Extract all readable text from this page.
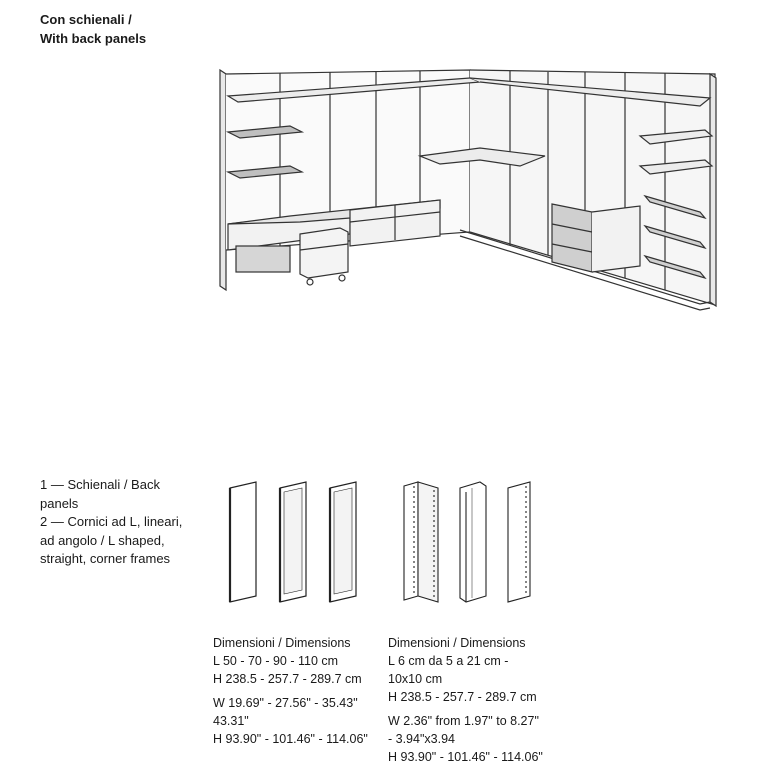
Con schienali /
With back panels
1 — Schienali / Back
panels
2 — Cornici ad L, lineari,
ad angolo / L shaped,
straight, corner frames
Dimensioni / Dimensions
L 50 - 70 - 90 - 110 cm
H 238.5 - 257.7 - 289.7 cm
W 19.69" - 27.56" - 35.43"
43.31"
H 93.90" - 101.46" - 114.06"
Dimensioni / Dimensions
L 6 cm da 5 a 21 cm -
10x10 cm
H 238.5 - 257.7 - 289.7 cm
W 2.36" from 1.97" to 8.27"
- 3.94"x3.94
H 93.90" - 101.46" - 114.06"
